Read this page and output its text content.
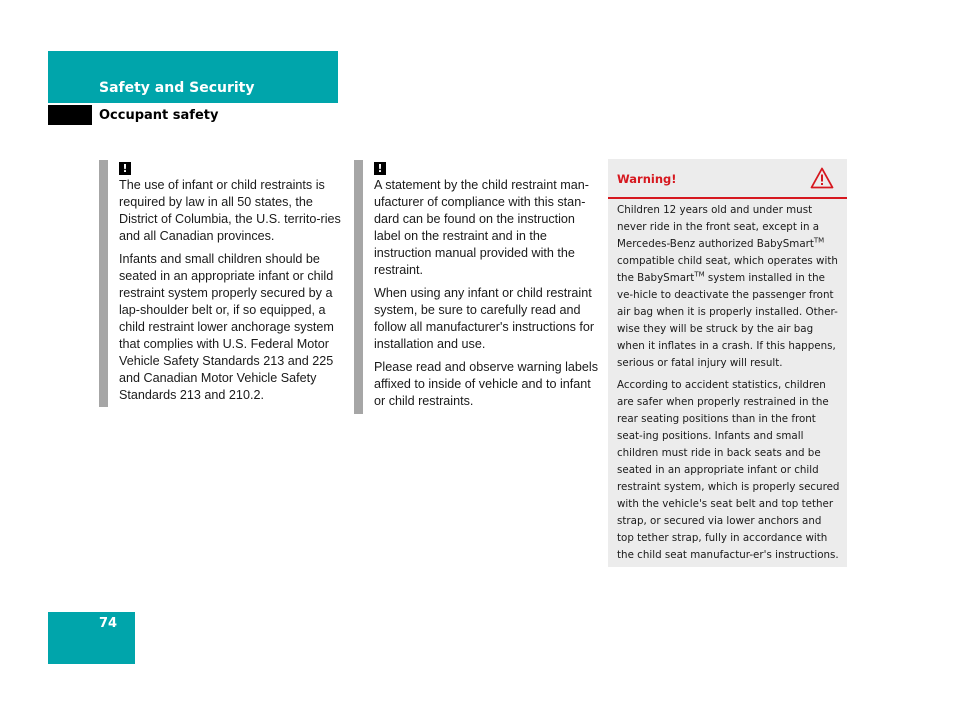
Safety and Security
Occupant safety
!

The use of infant or child restraints is required by law in all 50 states, the District of Columbia, the U.S. territo-ries and all Canadian provinces.

Infants and small children should be seated in an appropriate infant or child restraint system properly secured by a lap-shoulder belt or, if so equipped, a child restraint lower anchorage system that complies with U.S. Federal Motor Vehicle Safety Standards 213 and 225 and Canadian Motor Vehicle Safety Standards 213 and 210.2.

!

A statement by the child restraint man-ufacturer of compliance with this stan-dard can be found on the instruction label on the restraint and in the instruction manual provided with the restraint.

When using any infant or child restraint system, be sure to carefully read and follow all manufacturer's instructions for installation and use.

Please read and observe warning labels affixed to inside of vehicle and to infant or child restraints.

Warning!

Children 12 years old and under must never ride in the front seat, except in a Mercedes-Benz authorized BabySmart™ compatible child seat, which operates with the BabySmart™ system installed in the ve-hicle to deactivate the passenger front air bag when it is properly installed. Other-wise they will be struck by the air bag when it inflates in a crash. If this happens, serious or fatal injury will result.

According to accident statistics, children are safer when properly restrained in the rear seating positions than in the front seat-ing positions. Infants and small children must ride in back seats and be seated in an appropriate infant or child restraint system, which is properly secured with the vehicle's seat belt and top tether strap, or secured via lower anchors and top tether strap, fully in accordance with the child seat manufactur-er's instructions.

74
